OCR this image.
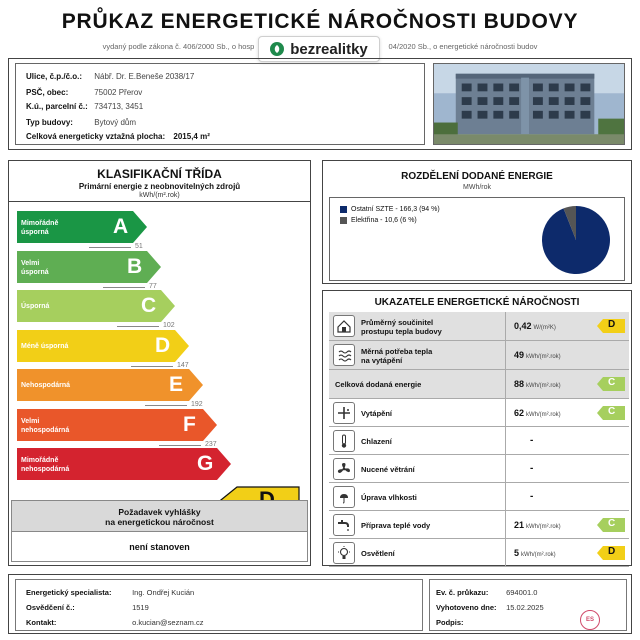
PRŮKAZ ENERGETICKÉ NÁROČNOSTI BUDOVY
vydaný podle zákona č. 406/2000 Sb., o hosp	04/2020 Sb., o energetické náročnosti budov
bezrealitky
Ulice, č.p./č.o.: Nábř. Dr. E.Beneše 2038/17
PSČ, obec:	75002 Přerov
K.ú., parcelní č.: 734713, 3451
Typ budovy:	Bytový dům
Celková energeticky vztažná plocha: 2015,4 m²
KLASIFIKAČNÍ TŘÍDA
Primární energie z neobnovitelných zdrojů
kWh/(m².rok)
Mimořádně
úsporná	A
51
Velmi
úsporná	B
77
Úsporná	C
102
Méně úsporná	D
147
Nehospodárná	E
192
Velmi
nehospodárná	F
237
Mimořádně
nehospodárná	G
Požadavek vyhlášky
na energetickou náročnost
není stanoven
ROZDĚLENÍ DODANÉ ENERGIE
MWh/rok
Ostatní SZTE - 166,3 (94 %)
Elektřina - 10,6 (6 %)
UKAZATELE ENERGETICKÉ NÁROČNOSTI
Průměrný součinitel
prostupu tepla budovy
0,42 W/(m²K)	D
Měrná potřeba tepla
na vytápění
49 kWh/(m².rok)
Celková dodaná energie	88 kWh/(m².rok)	C
Vytápění	62 kWh/(m².rok)	C
Chlazení	-
Nucené větrání	-
Úprava vlhkosti	-
Příprava teplé vody	21 kWh/(m².rok)	C
Osvětlení	5 kWh/(m².rok)	D
Energetický specialista:	Ing. Ondřej Kucián
Osvědčení č.:	1519
Kontakt:	o.kucian@seznam.cz
Ev. č. průkazu: 694001.0
Vyhotoveno dne: 15.02.2025
Podpis:	ES
